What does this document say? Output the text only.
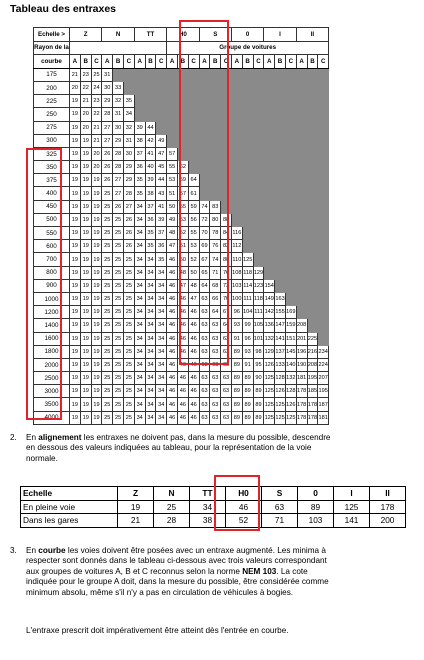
Tableau des entraxes
Echelle >	Z			N			TT			H0			S			0			I			II		
Rayon de la										Groupe de voitures														
courbe	A	B	C	A	B	C	A	B	C	A	B	C	A	B	C	A	B	C	A	B	C	A	B	C
175	21	23	25	31																				
200	20	22	24	30	33																			
225	19	21	23	29	32	35																		
250	19	20	22	28	31	34																		
275	19	20	21	27	30	32	39	44																
300	19	19	21	27	29	31	38	42	49															
325	19	19	20	26	28	30	37	41	47	57														
350	19	19	20	26	28	29	36	40	45	55	62													
375	19	19	19	26	27	29	35	39	44	53	59	64												
400	19	19	19	25	27	28	35	38	43	51	57	61												
450	19	19	19	25	26	27	34	37	41	50	55	59	74	83										
500	19	19	19	25	25	26	34	36	39	49	53	56	72	80	88									
550	19	19	19	25	25	26	34	35	37	48	52	55	70	78	84	116								
600	19	19	19	25	25	26	34	35	36	47	51	53	69	76	82	112								
700	19	19	19	25	25	25	34	34	35	46	50	52	67	74	80	110	125							
800	19	19	19	25	25	25	34	34	34	46	48	50	65	71	76	108	118	129						
900	19	19	19	25	25	25	34	34	34	46	47	48	64	68	73	103	114	123	154					
1000	19	19	19	25	25	25	34	34	34	46	46	47	63	66	70	100	111	118	149	163				
1200	19	19	19	25	25	25	34	34	34	46	46	46	63	64	67	96	104	111	142	155	169			
1400	19	19	19	25	25	25	34	34	34	46	46	46	63	63	64	93	99	105	136	147	159	208		
1600	19	19	19	25	25	25	34	34	34	46	46	46	63	63	63	91	96	101	132	141	151	201	225	
1800	19	19	19	25	25	25	34	34	34	46	46	46	63	63	63	89	93	98	129	137	145	196	216	234
2000	19	19	19	25	25	25	34	34	34	46	46	46	63	63	63	89	91	95	126	133	140	190	208	224
2500	19	19	19	25	25	25	34	34	34	46	46	46	63	63	63	89	89	90	125	128	132	181	195	207
3000	19	19	19	25	25	25	34	34	34	46	46	46	63	63	63	89	89	89	125	126	128	178	185	195
3500	19	19	19	25	25	25	34	34	34	46	46	46	63	63	63	89	89	89	125	125	126	178	178	187
4000	19	19	19	25	25	25	34	34	34	46	46	46	63	63	63	89	89	89	125	125	125	178	178	181
2. En alignement les entraxes ne doivent pas, dans la mesure du possible, descendre
en dessous des valeurs indiquées au tableau, pour la représentation de la voie
normale.
Echelle	Z	N	TT	H0	S	0	I	II
En pleine voie	19	25	34	46	63	89	125	178
Dans les gares	21	28	38	52	71	103	141	200
3. En courbe les voies doivent être posées avec un entraxe augmenté. Les minima à
respecter sont donnés dans le tableau ci-dessous avec trois valeurs correspondant
aux groupes de voitures A, B et C reconnus selon la norme NEM 103. La cote
indiquée pour le groupe A doit, dans la mesure du possible, être considérée comme
minimum absolu, même s'il n'y a pas en circulation de véhicules à bogies.
L'entraxe prescrit doit impérativement être atteint dès l'entrée en courbe.
